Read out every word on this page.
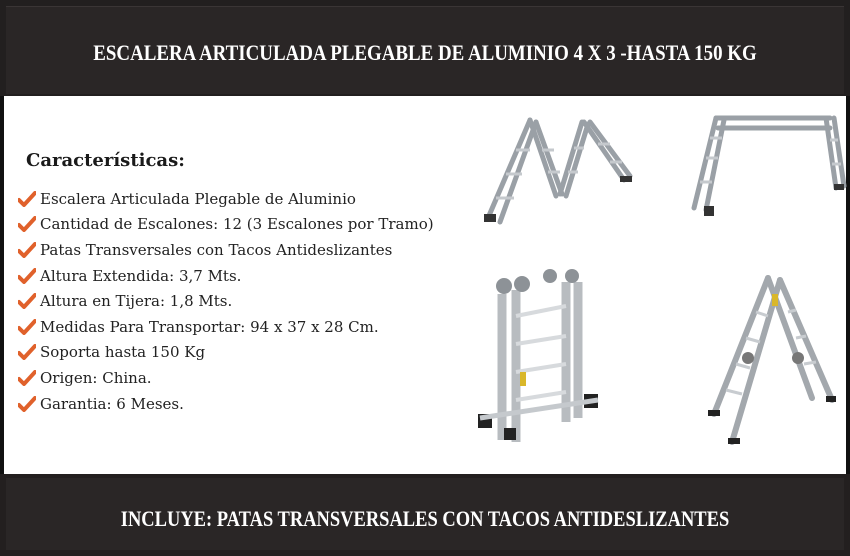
ESCALERA ARTICULADA PLEGABLE DE ALUMINIO 4 X 3 -HASTA 150 KG
Características:
Escalera Articulada Plegable de Aluminio
Cantidad de Escalones: 12 (3 Escalones por Tramo)
Patas Transversales con Tacos Antideslizantes
Altura Extendida: 3,7 Mts.
Altura en Tijera: 1,8 Mts.
Medidas Para Transportar: 94 x 37 x 28 Cm.
Soporta hasta 150 Kg
Origen: China.
Garantia: 6 Meses.
INCLUYE: PATAS TRANSVERSALES CON TACOS ANTIDESLIZANTES
